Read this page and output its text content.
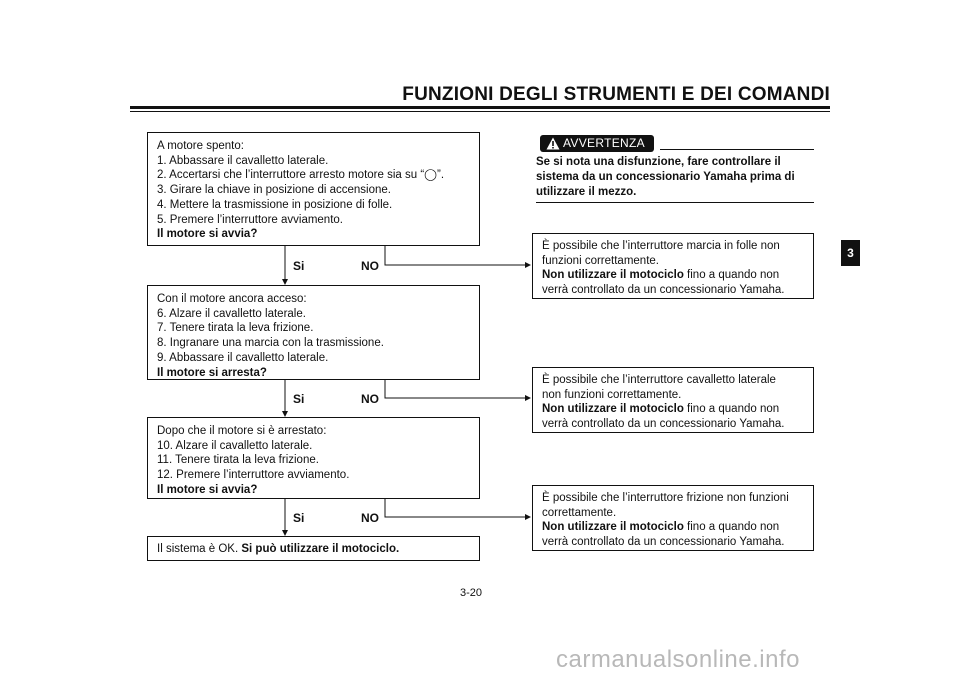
FUNZIONI DEGLI STRUMENTI E DEI COMANDI
A motore spento:
1. Abbassare il cavalletto laterale.
2. Accertarsi che l’interruttore arresto motore sia su “◯”.
3. Girare la chiave in posizione di accensione.
4. Mettere la trasmissione in posizione di folle.
5. Premere l’interruttore avviamento.
Il motore si avvia?
Con il motore ancora acceso:
6. Alzare il cavalletto laterale.
7. Tenere tirata la leva frizione.
8. Ingranare una marcia con la trasmissione.
9. Abbassare il cavalletto laterale.
Il motore si arresta?
Dopo che il motore si è arrestato:
10. Alzare il cavalletto laterale.
11. Tenere tirata la leva frizione.
12. Premere l’interruttore avviamento.
Il motore si avvia?
Il sistema è OK. Si può utilizzare il motociclo.
Si	NO
Si	NO
Si	NO
AVVERTENZA
Se si nota una disfunzione, fare controllare il sistema da un concessionario Yamaha prima di utilizzare il mezzo.
È possibile che l’interruttore marcia in folle non
funzioni correttamente.
Non utilizzare il motociclo fino a quando non
verrà controllato da un concessionario Yamaha.
È possibile che l’interruttore cavalletto laterale
non funzioni correttamente.
Non utilizzare il motociclo fino a quando non
verrà controllato da un concessionario Yamaha.
È possibile che l’interruttore frizione non funzioni
correttamente.
Non utilizzare il motociclo fino a quando non
verrà controllato da un concessionario Yamaha.
3
3-20
carmanualsonline.info
